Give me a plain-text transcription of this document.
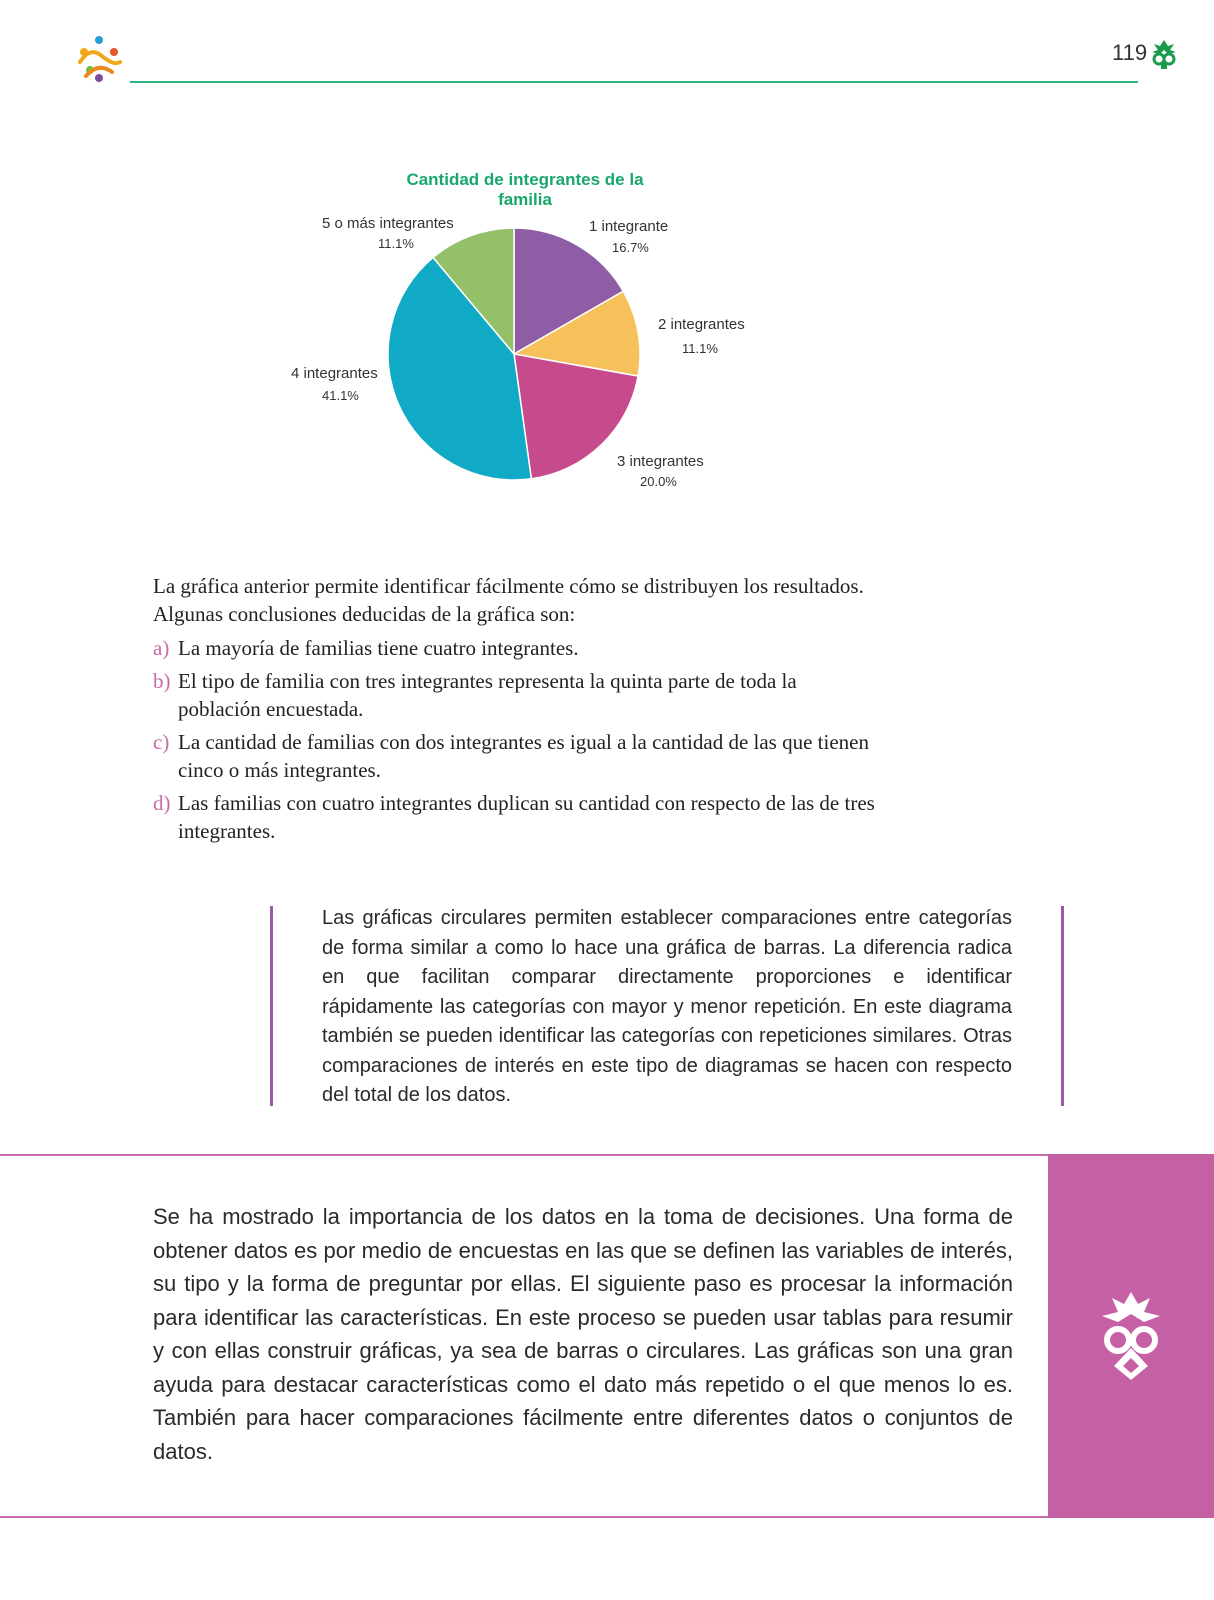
119
Cantidad de integrantes de la familia
1 integrante
16.7%
2 integrantes
11.1%
3 integrantes
20.0%
4 integrantes
41.1%
5 o más integrantes
11.1%
La gráfica anterior permite identificar fácilmente cómo se distribuyen los resultados. Algunas conclusiones deducidas de la gráfica son:
a) La mayoría de familias tiene cuatro integrantes.
b) El tipo de familia con tres integrantes representa la quinta parte de toda la población encuestada.
c) La cantidad de familias con dos integrantes es igual a la cantidad de las que tienen cinco o más integrantes.
d) Las familias con cuatro integrantes duplican su cantidad con respecto de las de tres integrantes.
Las gráficas circulares permiten establecer comparaciones entre categorías de forma similar a como lo hace una gráfica de barras. La diferencia radica en que facilitan comparar directamente proporciones e identificar rápidamente las categorías con mayor y menor repetición. En este diagrama también se pueden identificar las categorías con repeticiones similares. Otras comparaciones de interés en este tipo de diagramas se hacen con respecto del total de los datos.
Se ha mostrado la importancia de los datos en la toma de decisiones. Una forma de obtener datos es por medio de encuestas en las que se definen las variables de interés, su tipo y la forma de preguntar por ellas. El siguiente paso es procesar la información para identificar las características. En este proceso se pueden usar tablas para resumir y con ellas construir gráficas, ya sea de barras o circulares. Las gráficas son una gran ayuda para destacar características como el dato más repetido o el que menos lo es. También para hacer comparaciones fácilmente entre diferentes datos o conjuntos de datos.
